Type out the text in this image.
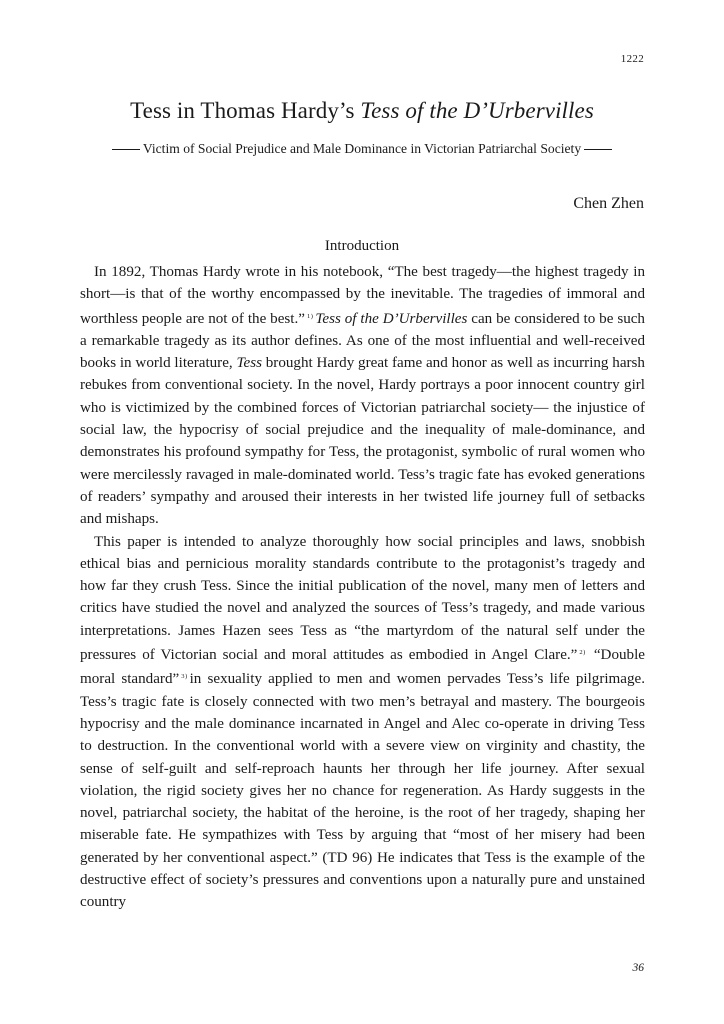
1222
Tess in Thomas Hardy’s Tess of the D’Urbervilles
Victim of Social Prejudice and Male Dominance in Victorian Patriarchal Society
Chen Zhen
Introduction

In 1892, Thomas Hardy wrote in his notebook, “The best tragedy—the highest tragedy in short—is that of the worthy encompassed by the inevitable. The tragedies of immoral and worthless people are not of the best.” $^{1)}$ Tess of the D’Urbervilles can be considered to be such a remarkable tragedy as its author defines. As one of the most influential and well-received books in world literature, Tess brought Hardy great fame and honor as well as incurring harsh rebukes from conventional society. In the novel, Hardy portrays a poor innocent country girl who is victimized by the combined forces of Victorian patriarchal society— the injustice of social law, the hypocrisy of social prejudice and the inequality of male-dominance, and demonstrates his profound sympathy for Tess, the protagonist, symbolic of rural women who were mercilessly ravaged in male-dominated world. Tess’s tragic fate has evoked generations of readers’ sympathy and aroused their interests in her twisted life journey full of setbacks and mishaps.

This paper is intended to analyze thoroughly how social principles and laws, snobbish ethical bias and pernicious morality standards contribute to the protagonist’s tragedy and how far they crush Tess. Since the initial publication of the novel, many men of letters and critics have studied the novel and analyzed the sources of Tess’s tragedy, and made various interpretations. James Hazen sees Tess as “the martyrdom of the natural self under the pressures of Victorian social and moral attitudes as embodied in Angel Clare.” $^{2)}$ “Double moral standard” $^{3)}$ in sexuality applied to men and women pervades Tess’s life pilgrimage. Tess’s tragic fate is closely connected with two men’s betrayal and mastery. The bourgeois hypocrisy and the male dominance incarnated in Angel and Alec co-operate in driving Tess to destruction. In the conventional world with a severe view on virginity and chastity, the sense of self-guilt and self-reproach haunts her through her life journey. After sexual violation, the rigid society gives her no chance for regeneration. As Hardy suggests in the novel, patriarchal society, the habitat of the heroine, is the root of her tragedy, shaping her miserable fate. He sympathizes with Tess by arguing that “most of her misery had been generated by her conventional aspect.” (TD 96) He indicates that Tess is the example of the destructive effect of society’s pressures and conventions upon a naturally pure and unstained country

36
